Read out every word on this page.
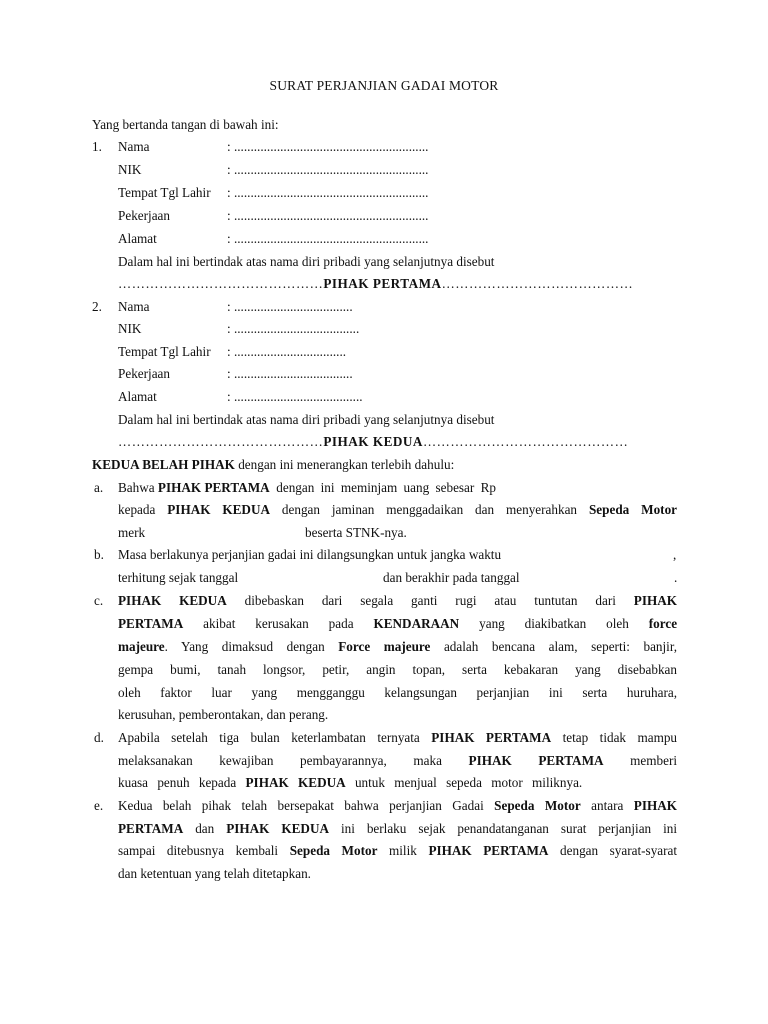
SURAT PERJANJIAN GADAI MOTOR
Yang bertanda tangan di bawah ini:
1. Nama	: ...........................................................
NIK	: ...........................................................
Tempat Tgl Lahir : ...........................................................
Pekerjaan	: ...........................................................
Alamat	: ...........................................................
Dalam hal ini bertindak atas nama diri pribadi yang selanjutnya disebut
………………………………………PIHAK PERTAMA……………………………………
2. Nama	: ....................................
NIK	: ......................................
Tempat Tgl Lahir : ..................................
Pekerjaan	: ....................................
Alamat	: .......................................
Dalam hal ini bertindak atas nama diri pribadi yang selanjutnya disebut
………………………………………PIHAK KEDUA………………………………………
KEDUA BELAH PIHAK dengan ini menerangkan terlebih dahulu:
a. Bahwa PIHAK PERTAMA dengan ini meminjam uang sebesar Rp
kepada PIHAK KEDUA dengan jaminan menggadaikan dan menyerahkan Sepeda Motor
merk	beserta STNK-nya.
b. Masa berlakunya perjanjian gadai ini dilangsungkan untuk jangka waktu	,
terhitung sejak tanggal	dan berakhir pada tanggal	.
c. PIHAK KEDUA dibebaskan dari segala ganti rugi atau tuntutan dari PIHAK
PERTAMA akibat kerusakan pada KENDARAAN yang diakibatkan oleh force
majeure. Yang dimaksud dengan Force majeure adalah bencana alam, seperti: banjir,
gempa bumi, tanah longsor, petir, angin topan, serta kebakaran yang disebabkan
oleh faktor luar yang mengganggu kelangsungan perjanjian ini serta huruhara,
kerusuhan, pemberontakan, dan perang.
d. Apabila setelah tiga bulan keterlambatan ternyata PIHAK PERTAMA tetap tidak mampu
melaksanakan kewajiban pembayarannya, maka PIHAK PERTAMA memberi
kuasa penuh kepada PIHAK KEDUA untuk menjual sepeda motor miliknya.
e. Kedua belah pihak telah bersepakat bahwa perjanjian Gadai Sepeda Motor antara PIHAK
PERTAMA dan PIHAK KEDUA ini berlaku sejak penandatanganan surat perjanjian ini
sampai ditebusnya kembali Sepeda Motor milik PIHAK PERTAMA dengan syarat-syarat
dan ketentuan yang telah ditetapkan.
